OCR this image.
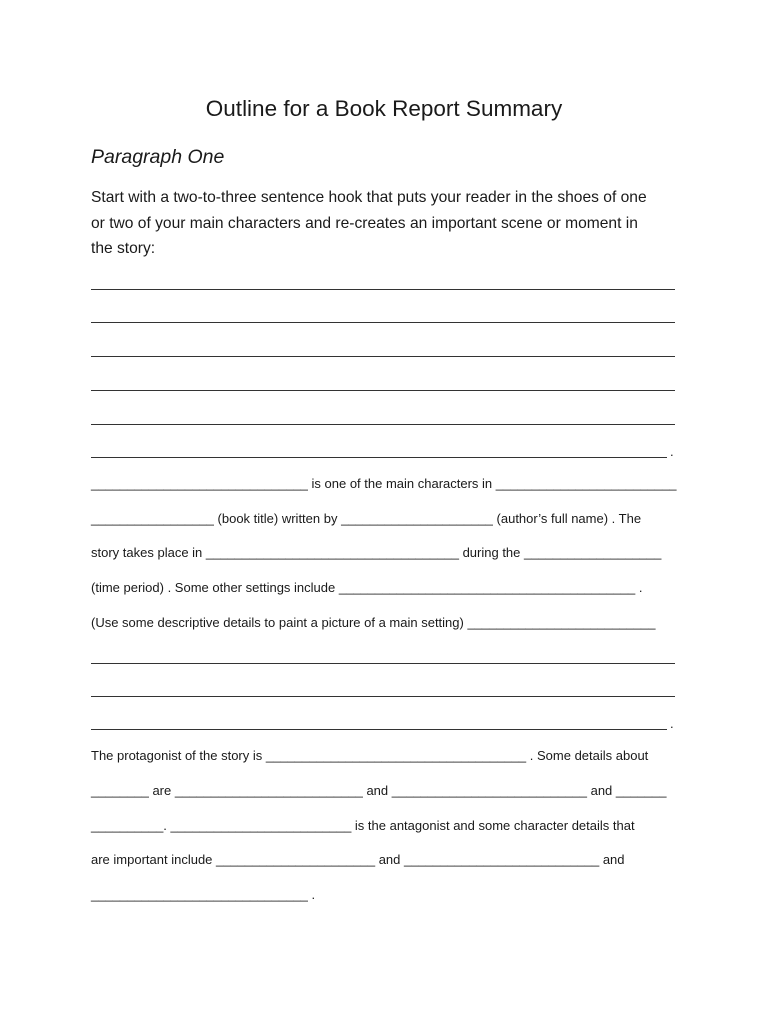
Outline for a Book Report Summary
Paragraph One
Start with a two-to-three sentence hook that puts your reader in the shoes of one
or two of your main characters and re-creates an important scene or moment in
the story:
.
______________________________ is one of the main characters in _________________________
_________________ (book title) written by _____________________ (author’s full name) . The
story takes place in ___________________________________ during the ___________________
(time period) . Some other settings include _________________________________________ .
(Use some descriptive details to paint a picture of a main setting) __________________________
.
The protagonist of the story is ____________________________________ . Some details about
________ are __________________________ and ___________________________ and _______
__________. _________________________ is the antagonist and some character details that
are important include ______________________ and ___________________________ and
______________________________ .
